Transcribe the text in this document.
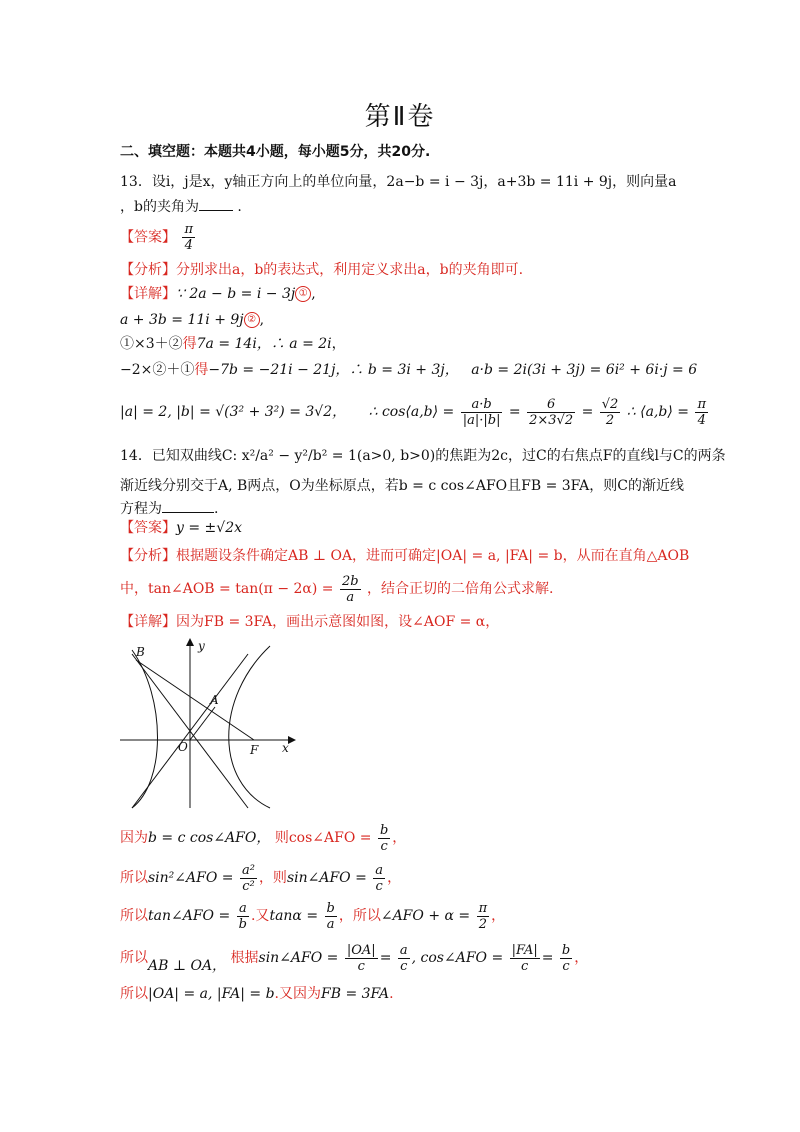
第Ⅱ卷
二、填空题：本题共4小题，每小题5分，共20分.
13．设i，j是x，y轴正方向上的单位向量，2a−b = i − 3j，a+3b = 11i + 9j，则向量a
，b的夹角为 .
【答案】 $\frac{\pi}{4}$
【分析】分别求出a，b的表达式，利用定义求出a，b的夹角即可.
【详解】∵ 2a − b = i − 3j ① ,
a + 3b = 11i + 9j ② ,
①×3＋②得7a = 14i，∴ a = 2i，
−2×②＋①得−7b = −21i − 21j，∴ b = 3i + 3j， a·b = 2i(3i + 3j) = 6i² + 6i·j = 6
|a| = 2, |b| = √(3² + 3²) = 3√2， ∴ cos⟨a,b⟩ = $\frac{a\cdot b}{|a|\cdot|b|} = \frac{6}{2\times 3√2} = \frac{√2}{2}$ ∴ ⟨a,b⟩ = $\frac{\pi}{4}$
14．已知双曲线C: x²/a² − y²/b² = 1(a>0, b>0)的焦距为2c，过C的右焦点F的直线l与C的两条
渐近线分别交于A, B两点，O为坐标原点，若b = c cos∠AFO且FB = 3FA，则C的渐近线
方程为	.
【答案】y = ±√2x
【分析】根据题设条件确定AB ⊥ OA，进而可确定|OA| = a, |FA| = b，从而在直角△AOB
中，tan∠AOB = $\tan(\pi - 2\alpha) = \frac{2b}{a}$ ，结合正切的二倍角公式求解.
【详解】因为FB = 3FA，画出示意图如图，设∠AOF = α，
B
A
O	F x
y
因为b = c cos∠AFO， 则cos∠AFO = $\frac{b}{c}$ ，
所以sin²∠AFO = $\frac{\text{a²}}{\text{c²}}$ ，则sin∠AFO = $\frac{a}{c}$ ，
所以tan∠AFO = $\frac{a}{b}$ .又$\tan\alpha = \frac{b}{a}$ ，所以∠AFO + $\alpha = \frac{\pi}{2}$ ，
所以AB ⊥ OA， 根据sin∠AFO = $\frac{|OA|}{c} = \frac{a}{c}$ , cos∠AFO = $\frac{|FA|}{c} = \frac{b}{c}$ ，
所以|OA| = a, |FA| = b.又因为FB = 3FA.
